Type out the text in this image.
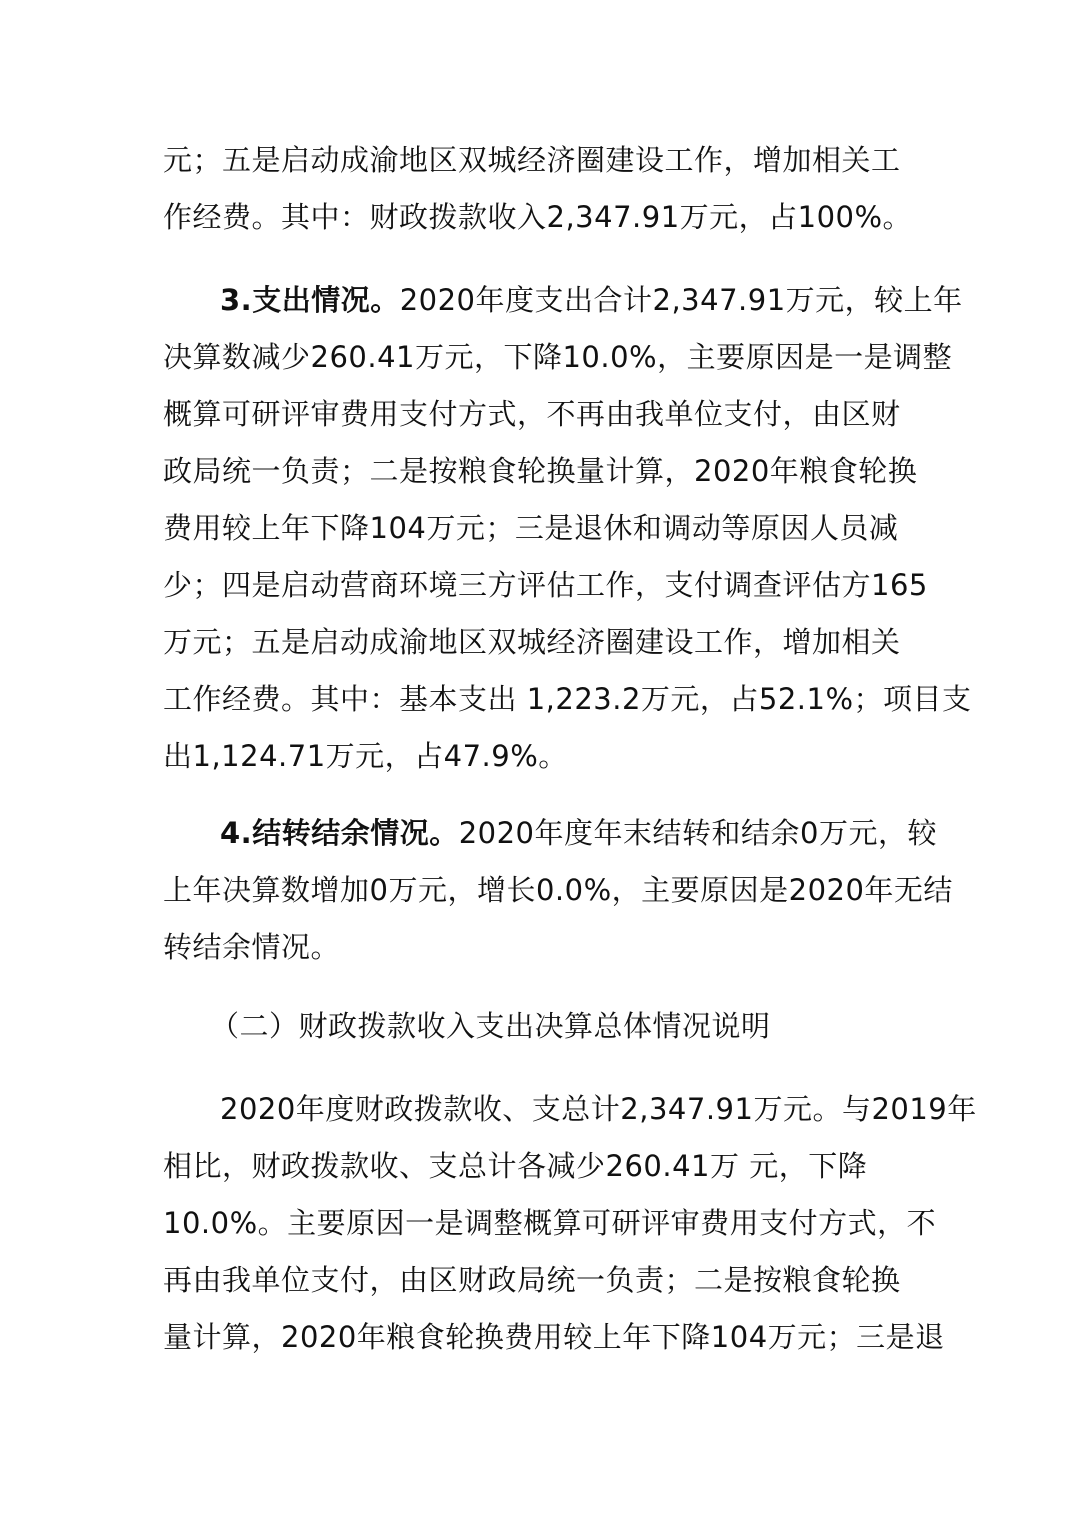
元；五是启动成渝地区双城经济圈建设工作，增加相关工
作经费。其中：财政拨款收入2,347.91万元，占100%。
3.支出情况。2020年度支出合计2,347.91万元，较上年
决算数减少260.41万元，下降10.0%，主要原因是一是调整
概算可研评审费用支付方式，不再由我单位支付，由区财
政局统一负责；二是按粮食轮换量计算，2020年粮食轮换
费用较上年下降104万元；三是退休和调动等原因人员减
少；四是启动营商环境三方评估工作，支付调查评估方165
万元；五是启动成渝地区双城经济圈建设工作，增加相关
工作经费。其中：基本支出 1,223.2万元，占52.1%；项目支
出1,124.71万元，占47.9%。
4.结转结余情况。2020年度年末结转和结余0万元，较
上年决算数增加0万元，增长0.0%，主要原因是2020年无结
转结余情况。
（二）财政拨款收入支出决算总体情况说明
2020年度财政拨款收、支总计2,347.91万元。与2019年
相比，财政拨款收、支总计各减少260.41万 元，下降
10.0%。主要原因一是调整概算可研评审费用支付方式，不
再由我单位支付，由区财政局统一负责；二是按粮食轮换
量计算，2020年粮食轮换费用较上年下降104万元；三是退
